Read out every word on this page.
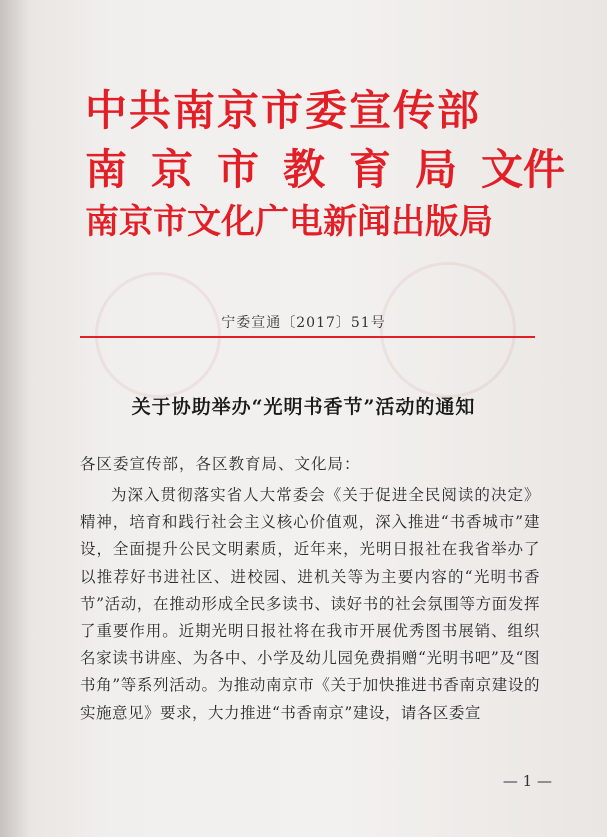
中共南京市委宣传部
南京市教育局文件
南京市文化广电新闻出版局
宁委宣通〔2017〕51号
关于协助举办“光明书香节”活动的通知
各区委宣传部，各区教育局、文化局：

为深入贯彻落实省人大常委会《关于促进全民阅读的决定》精神，培育和践行社会主义核心价值观，深入推进“书香城市”建设，全面提升公民文明素质，近年来，光明日报社在我省举办了以推荐好书进社区、进校园、进机关等为主要内容的“光明书香节”活动，在推动形成全民多读书、读好书的社会氛围等方面发挥了重要作用。近期光明日报社将在我市开展优秀图书展销、组织名家读书讲座、为各中、小学及幼儿园免费捐赠“光明书吧”及“图书角”等系列活动。为推动南京市《关于加快推进书香南京建设的实施意见》要求，大力推进“书香南京”建设，请各区委宣

— 1 —
